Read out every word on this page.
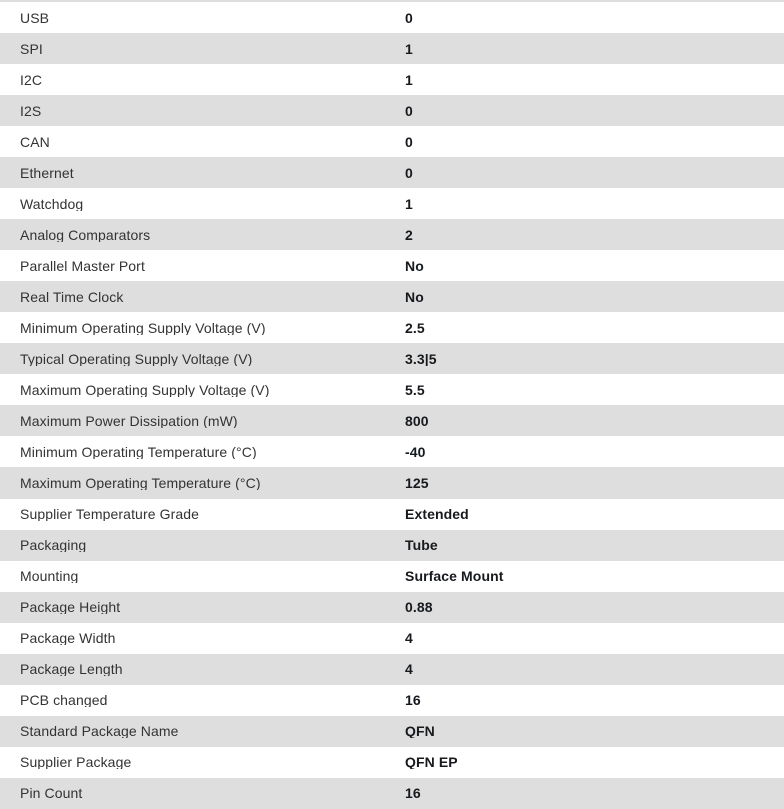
USB	0
SPI	1
I2C	1
I2S	0
CAN	0
Ethernet	0
Watchdog	1
Analog Comparators	2
Parallel Master Port	No
Real Time Clock	No
Minimum Operating Supply Voltage (V)	2.5
Typical Operating Supply Voltage (V)	3.3|5
Maximum Operating Supply Voltage (V)	5.5
Maximum Power Dissipation (mW)	800
Minimum Operating Temperature (°C)	-40
Maximum Operating Temperature (°C)	125
Supplier Temperature Grade	Extended
Packaging	Tube
Mounting	Surface Mount
Package Height	0.88
Package Width	4
Package Length	4
PCB changed	16
Standard Package Name	QFN
Supplier Package	QFN EP
Pin Count	16
